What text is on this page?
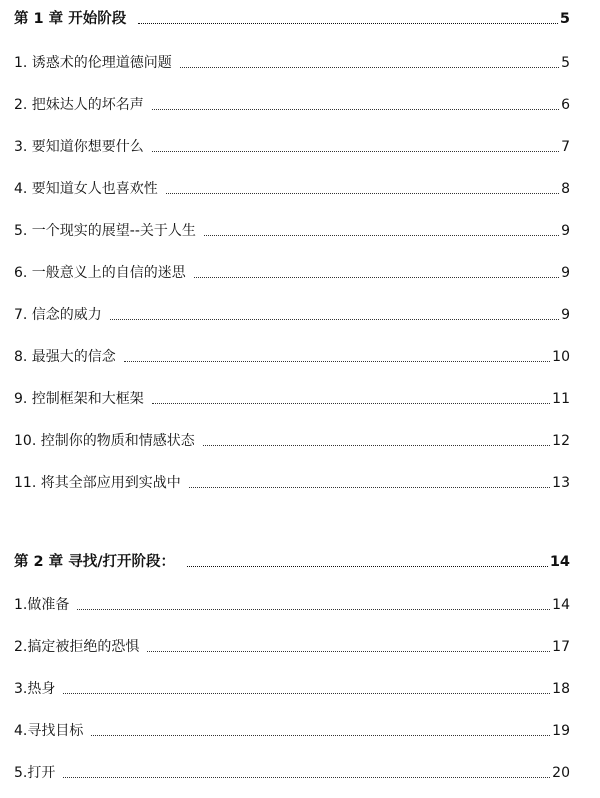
第 1 章 开始阶段	5
1. 诱惑术的伦理道德问题	5
2. 把妹达人的坏名声	6
3. 要知道你想要什么	7
4. 要知道女人也喜欢性	8
5. 一个现实的展望--关于人生	9
6. 一般意义上的自信的迷思	9
7. 信念的威力	9
8. 最强大的信念	10
9. 控制框架和大框架	11
10. 控制你的物质和情感状态	12
11. 将其全部应用到实战中	13
第 2 章 寻找/打开阶段：	14
1.做准备	14
2.搞定被拒绝的恐惧	17
3.热身	18
4.寻找目标	19
5.打开	20
